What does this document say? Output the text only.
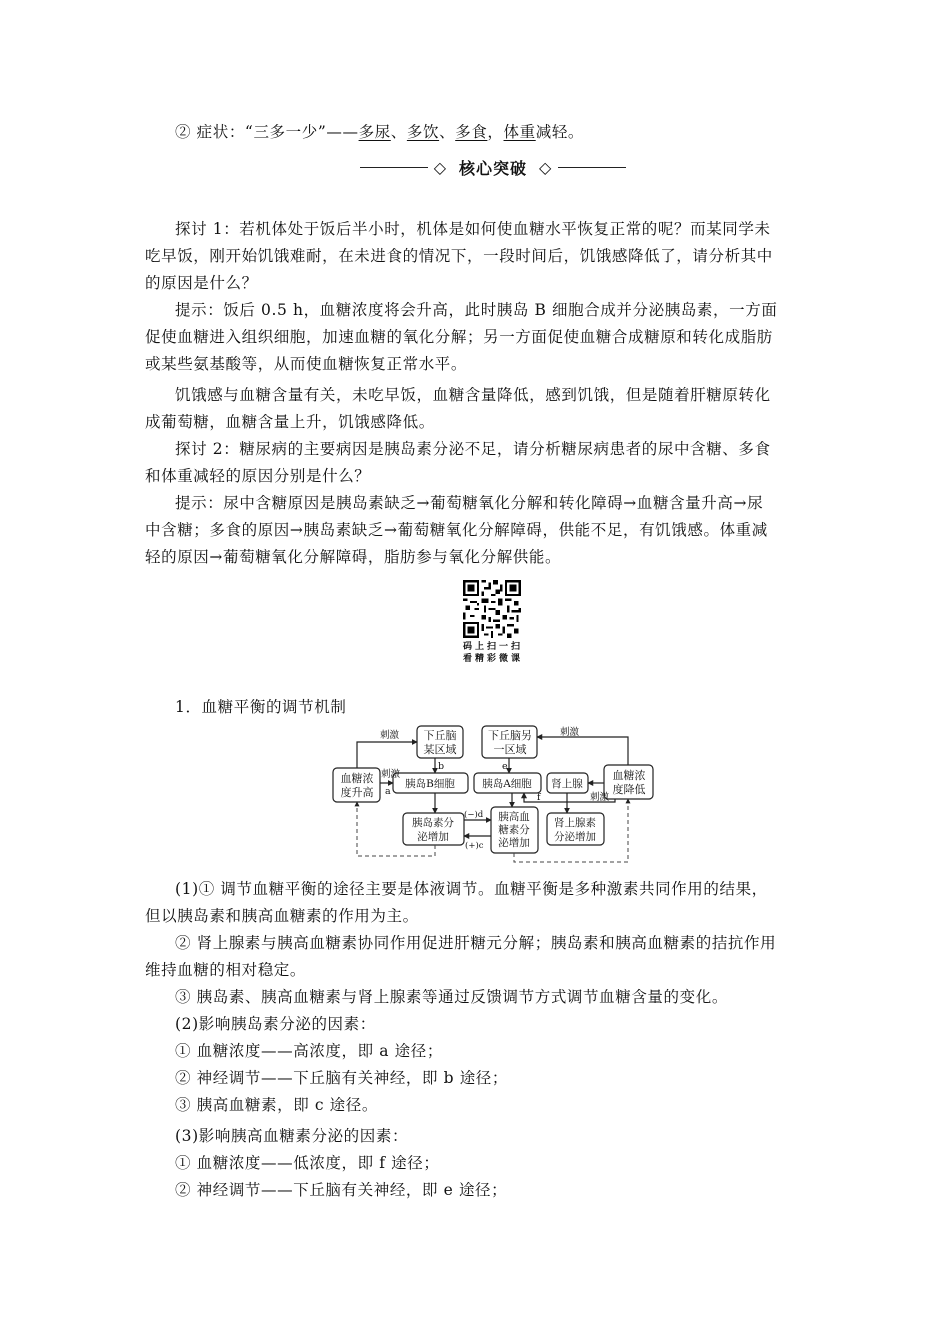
② 症状：“三多一少”——多尿、多饮、多食，体重减轻。
◇ 核心突破 ◇
探讨 1：若机体处于饭后半小时，机体是如何使血糖水平恢复正常的呢？而某同学未
吃早饭，刚开始饥饿难耐，在未进食的情况下，一段时间后，饥饿感降低了，请分析其中
的原因是什么？
提示：饭后 0.5 h，血糖浓度将会升高，此时胰岛 B 细胞合成并分泌胰岛素，一方面
促使血糖进入组织细胞，加速血糖的氧化分解；另一方面促使血糖合成糖原和转化成脂肪
或某些氨基酸等，从而使血糖恢复正常水平。
饥饿感与血糖含量有关，未吃早饭，血糖含量降低，感到饥饿，但是随着肝糖原转化
成葡萄糖，血糖含量上升，饥饿感降低。
探讨 2：糖尿病的主要病因是胰岛素分泌不足，请分析糖尿病患者的尿中含糖、多食
和体重减轻的原因分别是什么？
提示：尿中含糖原因是胰岛素缺乏→葡萄糖氧化分解和转化障碍→血糖含量升高→尿
中含糖；多食的原因→胰岛素缺乏→葡萄糖氧化分解障碍，供能不足，有饥饿感。体重减
轻的原因→葡萄糖氧化分解障碍，脂肪参与氧化分解供能。
码上扫一扫
看精彩微课
1．血糖平衡的调节机制
下丘脑
某区域
下丘脑另
一区域
血糖浓
度升高
血糖浓
度降低
胰岛B细胞	胰岛A细胞 肾上腺
胰岛素分
泌增加
胰高血
糖素分
泌增加
肾上腺素
分泌增加
刺激	刺激
刺激
刺激
a
b	e
f
(−)d
(+)c
(1)① 调节血糖平衡的途径主要是体液调节。血糖平衡是多种激素共同作用的结果，
但以胰岛素和胰高血糖素的作用为主。
② 肾上腺素与胰高血糖素协同作用促进肝糖元分解；胰岛素和胰高血糖素的拮抗作用
维持血糖的相对稳定。
③ 胰岛素、胰高血糖素与肾上腺素等通过反馈调节方式调节血糖含量的变化。
(2)影响胰岛素分泌的因素：
① 血糖浓度——高浓度，即 a 途径；
② 神经调节——下丘脑有关神经，即 b 途径；
③ 胰高血糖素，即 c 途径。
(3)影响胰高血糖素分泌的因素：
① 血糖浓度——低浓度，即 f 途径；
② 神经调节——下丘脑有关神经，即 e 途径；
